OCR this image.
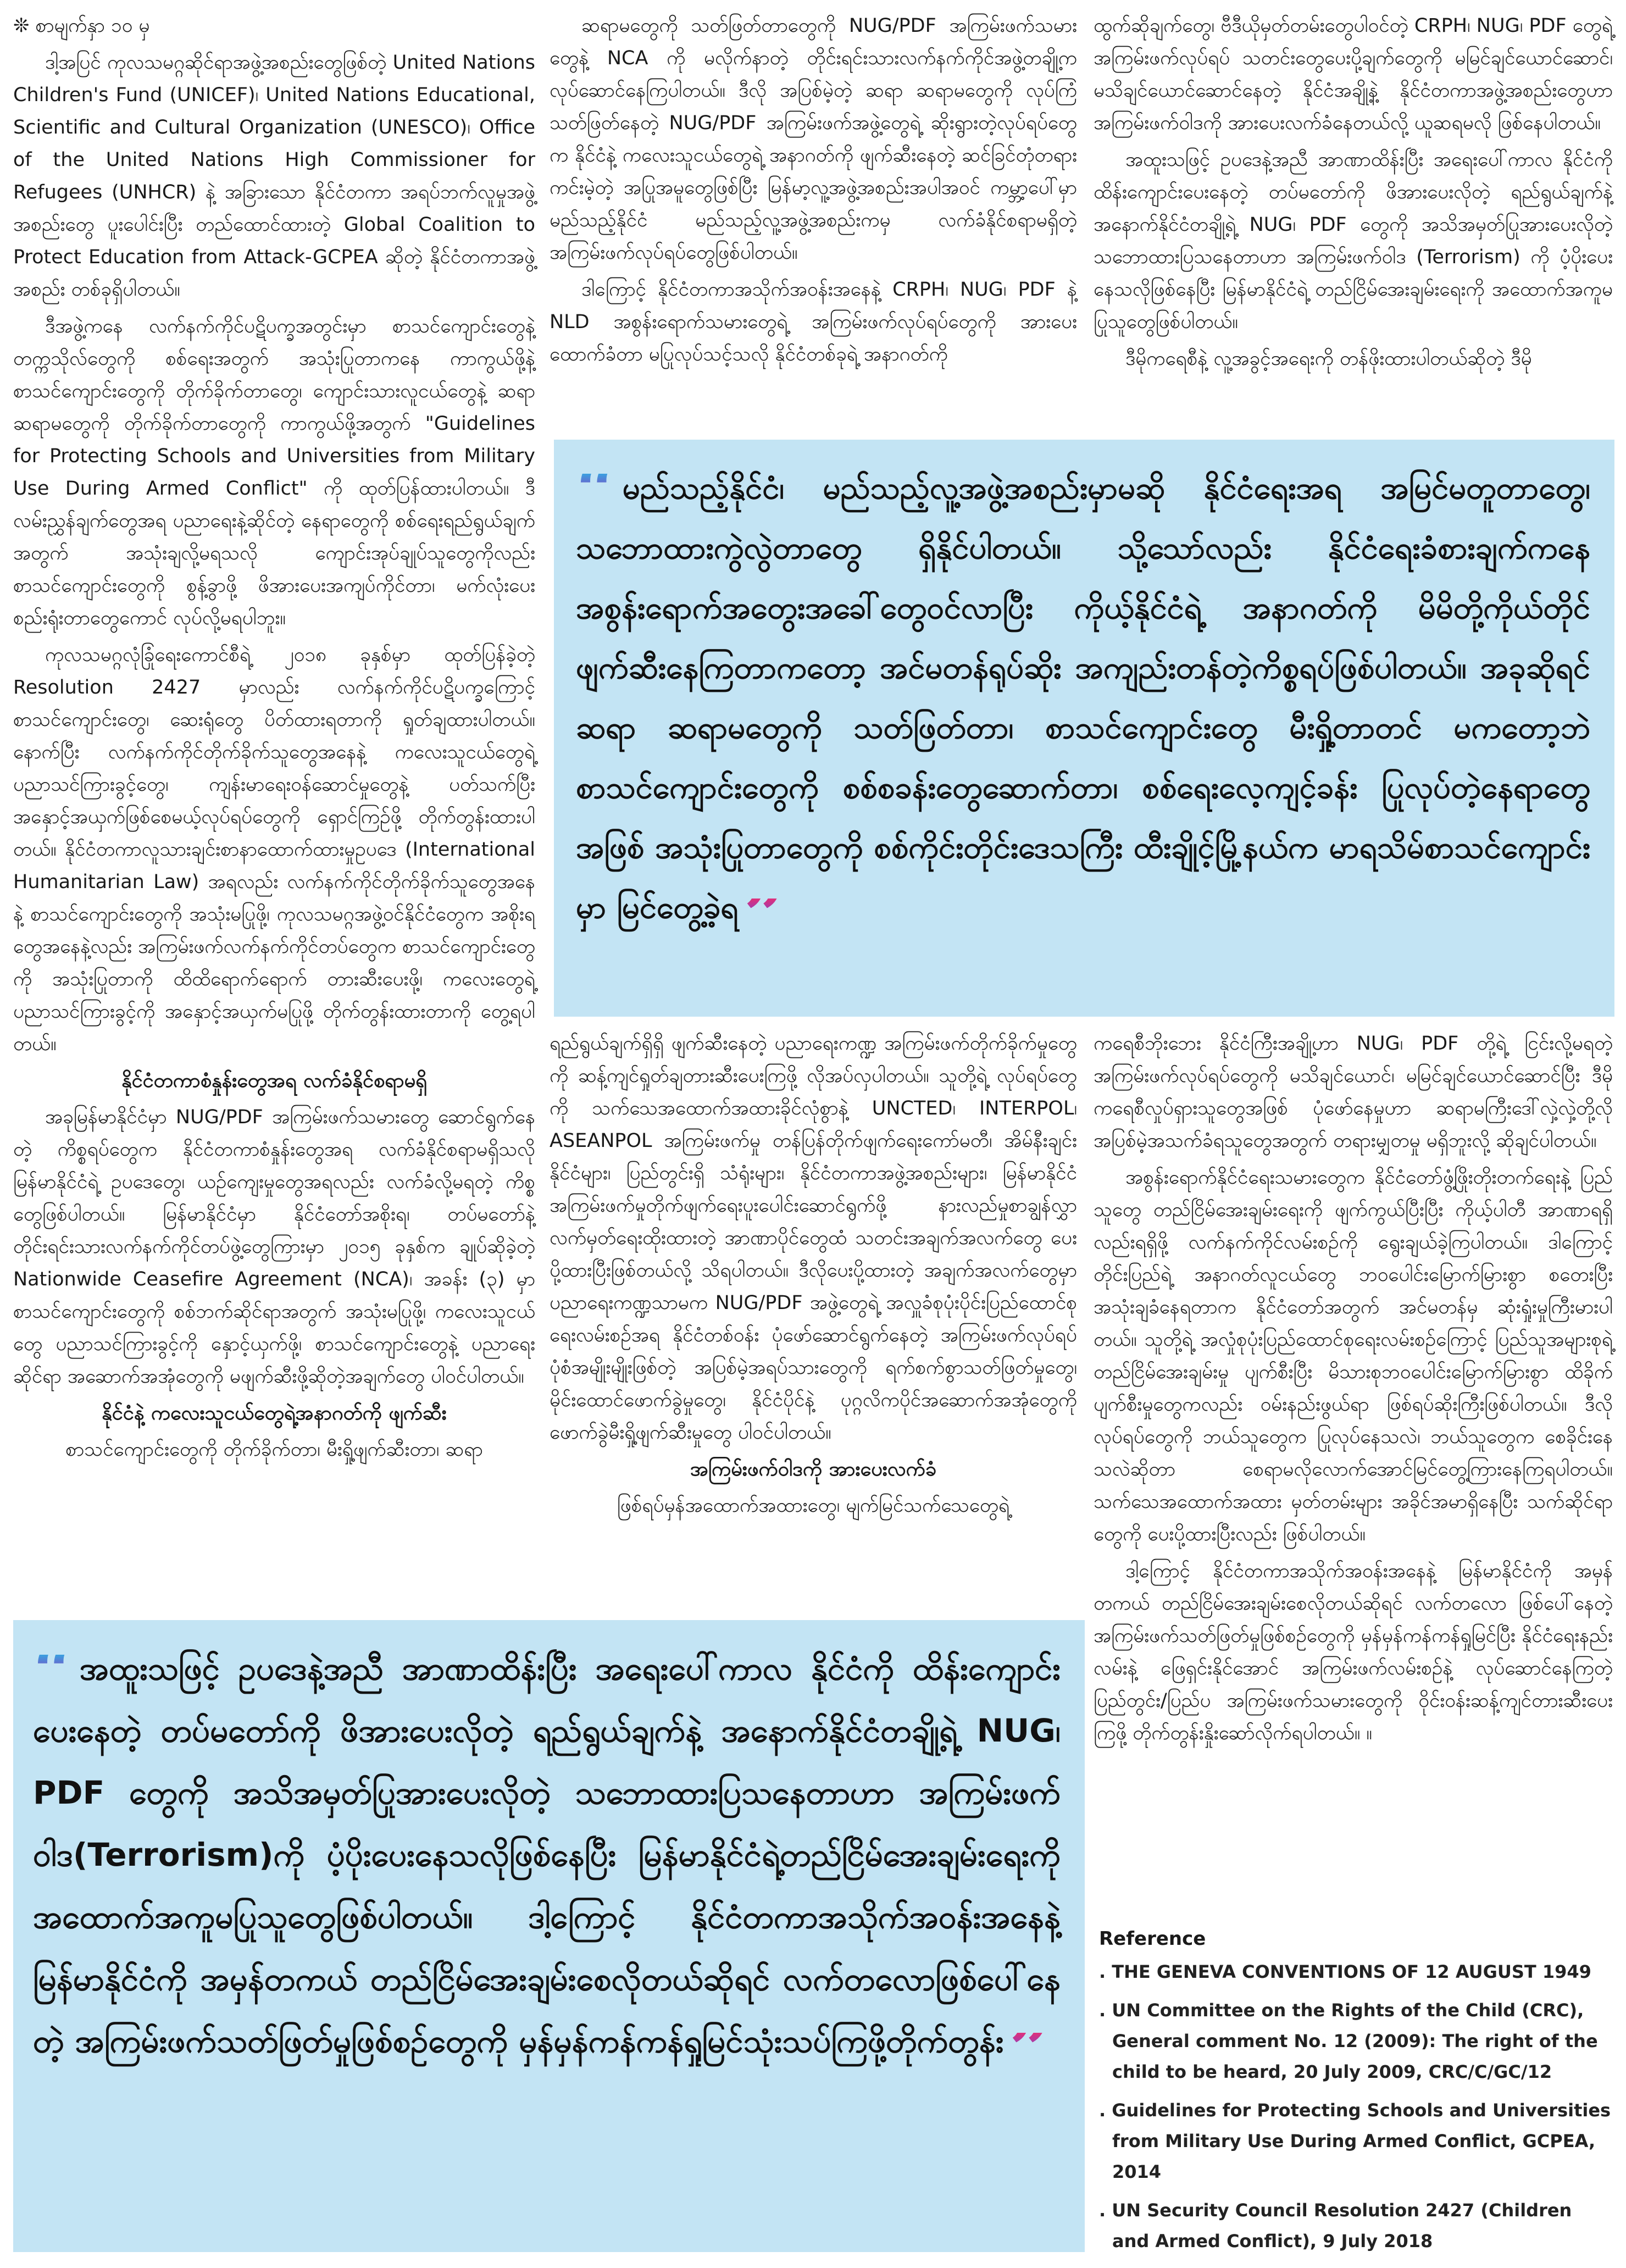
❊ စာမျက်နှာ ၁၀ မှ

ဒါ့အပြင် ကုလသမဂ္ဂဆိုင်ရာအဖွဲ့အစည်းတွေဖြစ်တဲ့ United Nations Children's Fund (UNICEF)၊ United Nations Educational, Scientific and Cultural Organization (UNESCO)၊ Office of the United Nations High Commissioner for Refugees (UNHCR) နဲ့ အခြားသော နိုင်ငံတကာ အရပ်ဘက်လူမှုအဖွဲ့အစည်းတွေ ပူးပေါင်းပြီး တည်ထောင်ထားတဲ့ Global Coalition to Protect Education from Attack-GCPEA ဆိုတဲ့ နိုင်ငံတကာအဖွဲ့အစည်း တစ်ခုရှိပါတယ်။

ဒီအဖွဲ့ကနေ လက်နက်ကိုင်ပဋိပက္ခအတွင်းမှာ စာသင်ကျောင်းတွေနဲ့ တက္ကသိုလ်တွေကို စစ်ရေးအတွက် အသုံးပြုတာကနေ ကာကွယ်ဖို့နဲ့ စာသင်ကျောင်းတွေကို တိုက်ခိုက်တာတွေ၊ ကျောင်းသားလူငယ်တွေနဲ့ ဆရာ ဆရာမတွေကို တိုက်ခိုက်တာတွေကို ကာကွယ်ဖို့အတွက် "Guidelines for Protecting Schools and Universities from Military Use During Armed Conflict" ကို ထုတ်ပြန်ထားပါတယ်။ ဒီလမ်းညွှန်ချက်တွေအရ ပညာရေးနဲ့ဆိုင်တဲ့ နေရာတွေကို စစ်ရေးရည်ရွယ်ချက်အတွက် အသုံးချလို့မရသလို ကျောင်းအုပ်ချုပ်သူတွေကိုလည်း စာသင်ကျောင်းတွေကို စွန့်ခွာဖို့ ဖိအားပေးအကျပ်ကိုင်တာ၊ မက်လုံးပေး စည်းရုံးတာတွေကောင် လုပ်လို့မရပါဘူး။

ကုလသမဂ္ဂလုံခြုံရေးကောင်စီရဲ့ ၂၀၁၈ ခုနှစ်မှာ ထုတ်ပြန်ခဲ့တဲ့ Resolution 2427 မှာလည်း လက်နက်ကိုင်ပဋိပက္ခကြောင့် စာသင်ကျောင်းတွေ၊ ဆေးရုံတွေ ပိတ်ထားရတာကို ရှုတ်ချထားပါတယ်။ နောက်ပြီး လက်နက်ကိုင်တိုက်ခိုက်သူတွေအနေနဲ့ ကလေးသူငယ်တွေရဲ့ ပညာသင်ကြားခွင့်တွေ၊ ကျန်းမာရေးဝန်ဆောင်မှုတွေနဲ့ ပတ်သက်ပြီး အနှောင့်အယှက်ဖြစ်စေမယ့်လုပ်ရပ်တွေကို ရှောင်ကြဉ်ဖို့ တိုက်တွန်းထားပါတယ်။ နိုင်ငံတကာလူသားချင်းစာနာထောက်ထားမှုဥပဒေ (International Humanitarian Law) အရလည်း လက်နက်ကိုင်တိုက်ခိုက်သူတွေအနေနဲ့ စာသင်ကျောင်းတွေကို အသုံးမပြုဖို့၊ ကုလသမဂ္ဂအဖွဲ့ဝင်နိုင်ငံတွေက အစိုးရတွေအနေနဲ့လည်း အကြမ်းဖက်လက်နက်ကိုင်တပ်တွေက စာသင်ကျောင်းတွေကို အသုံးပြုတာကို ထိထိရောက်ရောက် တားဆီးပေးဖို့၊ ကလေးတွေရဲ့ ပညာသင်ကြားခွင့်ကို အနှောင့်အယှက်မပြုဖို့ တိုက်တွန်းထားတာကို တွေ့ရပါတယ်။

နိုင်ငံတကာစံနှုန်းတွေအရ လက်ခံနိုင်စရာမရှိ

အခုမြန်မာနိုင်ငံမှာ NUG/PDF အကြမ်းဖက်သမားတွေ ဆောင်ရွက်နေတဲ့ ကိစ္စရပ်တွေက နိုင်ငံတကာစံနှုန်းတွေအရ လက်ခံနိုင်စရာမရှိသလို မြန်မာနိုင်ငံရဲ့ ဥပဒေတွေ၊ ယဉ်ကျေးမှုတွေအရလည်း လက်ခံလို့မရတဲ့ ကိစ္စတွေဖြစ်ပါတယ်။ မြန်မာနိုင်ငံမှာ နိုင်ငံတော်အစိုးရ၊ တပ်မတော်နဲ့ တိုင်းရင်းသားလက်နက်ကိုင်တပ်ဖွဲ့တွေကြားမှာ ၂၀၁၅ ခုနှစ်က ချုပ်ဆိုခဲ့တဲ့ Nationwide Ceasefire Agreement (NCA)၊ အခန်း (၃) မှာ စာသင်ကျောင်းတွေကို စစ်ဘက်ဆိုင်ရာအတွက် အသုံးမပြုဖို့၊ ကလေးသူငယ်တွေ ပညာသင်ကြားခွင့်ကို နှောင့်ယှက်ဖို့၊ စာသင်ကျောင်းတွေနဲ့ ပညာရေးဆိုင်ရာ အဆောက်အအုံတွေကို မဖျက်ဆီးဖို့ဆိုတဲ့အချက်တွေ ပါဝင်ပါတယ်။

နိုင်ငံနဲ့ ကလေးသူငယ်တွေရဲ့အနာဂတ်ကို ဖျက်ဆီး

စာသင်ကျောင်းတွေကို တိုက်ခိုက်တာ၊ မီးရှို့ဖျက်ဆီးတာ၊ ဆရာ

ဆရာမတွေကို သတ်ဖြတ်တာတွေကို NUG/PDF အကြမ်းဖက်သမားတွေနဲ့ NCA ကို မလိုက်နာတဲ့ တိုင်းရင်းသားလက်နက်ကိုင်အဖွဲ့တချို့က လုပ်ဆောင်နေကြပါတယ်။ ဒီလို အပြစ်မဲ့တဲ့ ဆရာ ဆရာမတွေကို လုပ်ကြံသတ်ဖြတ်နေတဲ့ NUG/PDF အကြမ်းဖက်အဖွဲ့တွေရဲ့ ဆိုးရွားတဲ့လုပ်ရပ်တွေက နိုင်ငံနဲ့ ကလေးသူငယ်တွေရဲ့ အနာဂတ်ကို ဖျက်ဆီးနေတဲ့ ဆင်ခြင်တုံတရားကင်းမဲ့တဲ့ အပြုအမူတွေဖြစ်ပြီး မြန်မာ့လူ့အဖွဲ့အစည်းအပါအဝင် ကမ္ဘာ့ပေါ်မှာ မည်သည့်နိုင်ငံ မည်သည့်လူ့အဖွဲ့အစည်းကမှ လက်ခံနိုင်စရာမရှိတဲ့ အကြမ်းဖက်လုပ်ရပ်တွေဖြစ်ပါတယ်။

ဒါကြောင့် နိုင်ငံတကာအသိုက်အဝန်းအနေနဲ့ CRPH၊ NUG၊ PDF နဲ့ NLD အစွန်းရောက်သမားတွေရဲ့ အကြမ်းဖက်လုပ်ရပ်တွေကို အားပေးထောက်ခံတာ မပြုလုပ်သင့်သလို နိုင်ငံတစ်ခုရဲ့ အနာဂတ်ကို

ထွက်ဆိုချက်တွေ၊ ဗီဒီယိုမှတ်တမ်းတွေပါဝင်တဲ့ CRPH၊ NUG၊ PDF တွေရဲ့ အကြမ်းဖက်လုပ်ရပ် သတင်းတွေပေးပို့ချက်တွေကို မမြင်ချင်ယောင်ဆောင်၊ မသိချင်ယောင်ဆောင်နေတဲ့ နိုင်ငံအချို့နဲ့ နိုင်ငံတကာအဖွဲ့အစည်းတွေဟာ အကြမ်းဖက်ဝါဒကို အားပေးလက်ခံနေတယ်လို့ ယူဆရမလို ဖြစ်နေပါတယ်။

အထူးသဖြင့် ဥပဒေနဲ့အညီ အာဏာထိန်းပြီး အရေးပေါ်ကာလ နိုင်ငံကို ထိန်းကျောင်းပေးနေတဲ့ တပ်မတော်ကို ဖိအားပေးလိုတဲ့ ရည်ရွယ်ချက်နဲ့ အနောက်နိုင်ငံတချို့ရဲ့ NUG၊ PDF တွေကို အသိအမှတ်ပြုအားပေးလိုတဲ့ သဘောထားပြသနေတာဟာ အကြမ်းဖက်ဝါဒ (Terrorism) ကို ပံ့ပိုးပေးနေသလိုဖြစ်နေပြီး မြန်မာနိုင်ငံရဲ့ တည်ငြိမ်အေးချမ်းရေးကို အထောက်အကူမပြုသူတွေဖြစ်ပါတယ်။

ဒီမိုကရေစီနဲ့ လူ့အခွင့်အရေးကို တန်ဖိုးထားပါတယ်ဆိုတဲ့ ဒီမို

“ မည်သည့်နိုင်ငံ၊ မည်သည့်လူ့အဖွဲ့အစည်းမှာမဆို နိုင်ငံရေးအရ အမြင်မတူတာတွေ၊ သဘောထားကွဲလွဲတာတွေ ရှိနိုင်ပါတယ်။ သို့သော်လည်း နိုင်ငံရေးခံစားချက်ကနေ အစွန်းရောက်အတွေးအခေါ်တွေဝင်လာပြီး ကိုယ့်နိုင်ငံရဲ့ အနာဂတ်ကို မိမိတို့ကိုယ်တိုင် ဖျက်ဆီးနေကြတာကတော့ အင်မတန်ရုပ်ဆိုး အကျည်းတန်တဲ့ကိစ္စရပ်ဖြစ်ပါတယ်။ အခုဆိုရင် ဆရာ ဆရာမတွေကို သတ်ဖြတ်တာ၊ စာသင်ကျောင်းတွေ မီးရှို့တာတင် မကတော့ဘဲ စာသင်ကျောင်းတွေကို စစ်စခန်းတွေဆောက်တာ၊ စစ်ရေးလေ့ကျင့်ခန်း ပြုလုပ်တဲ့နေရာတွေအဖြစ် အသုံးပြုတာတွေကို စစ်ကိုင်းတိုင်းဒေသကြီး ထီးချိုင့်မြို့နယ်က မာရသိမ်စာသင်ကျောင်းမှာ မြင်တွေ့ခဲ့ရ”

ရည်ရွယ်ချက်ရှိရှိ ဖျက်ဆီးနေတဲ့ ပညာရေးကဏ္ဍ အကြမ်းဖက်တိုက်ခိုက်မှုတွေကို ဆန့်ကျင်ရှုတ်ချတားဆီးပေးကြဖို့ လိုအပ်လှပါတယ်။ သူတို့ရဲ့ လုပ်ရပ်တွေကို သက်သေအထောက်အထားခိုင်လုံစွာနဲ့ UNCTED၊ INTERPOL၊ ASEANPOL အကြမ်းဖက်မှု တန်ပြန်တိုက်ဖျက်ရေးကော်မတီ၊ အိမ်နီးချင်းနိုင်ငံများ၊ ပြည်တွင်းရှိ သံရုံးများ၊ နိုင်ငံတကာအဖွဲ့အစည်းများ၊ မြန်မာနိုင်ငံ အကြမ်းဖက်မှုတိုက်ဖျက်ရေးပူးပေါင်းဆောင်ရွက်ဖို့ နားလည်မှုစာချွန်လွှာ လက်မှတ်ရေးထိုးထားတဲ့ အာဏာပိုင်တွေထံ သတင်းအချက်အလက်တွေ ပေးပို့ထားပြီးဖြစ်တယ်လို့ သိရပါတယ်။ ဒီလိုပေးပို့ထားတဲ့ အချက်အလက်တွေမှာ ပညာရေးကဏ္ဍသာမက NUG/PDF အဖွဲ့တွေရဲ့ အလှူခံစုပုံးပိုင်းပြည်ထောင်စုရေးလမ်းစဉ်အရ နိုင်ငံတစ်ဝန်း ပုံဖော်ဆောင်ရွက်နေတဲ့ အကြမ်းဖက်လုပ်ရပ်ပုံစံအမျိုးမျိုးဖြစ်တဲ့ အပြစ်မဲ့အရပ်သားတွေကို ရက်စက်စွာသတ်ဖြတ်မှုတွေ၊ မိုင်းထောင်ဖောက်ခွဲမှုတွေ၊ နိုင်ငံပိုင်နဲ့ ပုဂ္ဂလိကပိုင်အဆောက်အအုံတွေကို ဖောက်ခွဲမီးရှို့ဖျက်ဆီးမှုတွေ ပါဝင်ပါတယ်။

အကြမ်းဖက်ဝါဒကို အားပေးလက်ခံ

ဖြစ်ရပ်မှန်အထောက်အထားတွေ၊ မျက်မြင်သက်သေတွေရဲ့

ကရေစီဘိုးဘေး နိုင်ငံကြီးအချို့ဟာ NUG၊ PDF တို့ရဲ့ ငြင်းလို့မရတဲ့ အကြမ်းဖက်လုပ်ရပ်တွေကို မသိချင်ယောင်၊ မမြင်ချင်ယောင်ဆောင်ပြီး ဒီမိုကရေစီလှုပ်ရှားသူတွေအဖြစ် ပုံဖော်နေမှုဟာ ဆရာမကြီးဒေါ်လှဲ့လှဲ့တို့လို အပြစ်မဲ့အသက်ခံရသူတွေအတွက် တရားမျှတမှု မရှိဘူးလို့ ဆိုချင်ပါတယ်။

အစွန်းရောက်နိုင်ငံရေးသမားတွေက နိုင်ငံတော်ဖွံ့ဖြိုးတိုးတက်ရေးနဲ့ ပြည်သူတွေ တည်ငြိမ်အေးချမ်းရေးကို ဖျက်ကွယ်ပြီးပြီး ကိုယ့်ပါတီ အာဏာရရှိလည်းရရှိဖို့ လက်နက်ကိုင်လမ်းစဉ်ကို ရွေးချယ်ခဲ့ကြပါတယ်။ ဒါကြောင့် တိုင်းပြည်ရဲ့ အနာဂတ်လူငယ်တွေ ဘဝပေါင်းမြောက်မြားစွာ စတေးပြီး အသုံးချခံနေရတာက နိုင်ငံတော်အတွက် အင်မတန်မှ ဆုံးရှုံးမှုကြီးမားပါတယ်။ သူတို့ရဲ့ အလှုံစုပုံးပြည်ထောင်စုရေးလမ်းစဉ်ကြောင့် ပြည်သူအများစုရဲ့ တည်ငြိမ်အေးချမ်းမှု ပျက်စီးပြီး မိသားစုဘဝပေါင်းမြောက်မြားစွာ ထိခိုက်ပျက်စီးမှုတွေကလည်း ဝမ်းနည်းဖွယ်ရာ ဖြစ်ရပ်ဆိုးကြီးဖြစ်ပါတယ်။ ဒီလိုလုပ်ရပ်တွေကို ဘယ်သူတွေက ပြုလုပ်နေသလဲ၊ ဘယ်သူတွေက စေခိုင်းနေသလဲဆိုတာ စေရာမလိုလောက်အောင်မြင်တွေ့ကြားနေကြရပါတယ်။ သက်သေအထောက်အထား မှတ်တမ်းများ အခိုင်အမာရှိနေပြီး သက်ဆိုင်ရာတွေကို ပေးပို့ထားပြီးလည်း ဖြစ်ပါတယ်။

ဒါ့ကြောင့် နိုင်ငံတကာအသိုက်အဝန်းအနေနဲ့ မြန်မာနိုင်ငံကို အမှန်တကယ် တည်ငြိမ်အေးချမ်းစေလိုတယ်ဆိုရင် လက်တလော ဖြစ်ပေါ်နေတဲ့ အကြမ်းဖက်သတ်ဖြတ်မှုဖြစ်စဉ်တွေကို မှန်မှန်ကန်ကန်ရှုမြင်ပြီး နိုင်ငံရေးနည်းလမ်းနဲ့ ဖြေရှင်းနိုင်အောင် အကြမ်းဖက်လမ်းစဉ်နဲ့ လုပ်ဆောင်နေကြတဲ့ ပြည်တွင်း/ပြည်ပ အကြမ်းဖက်သမားတွေကို ဝိုင်းဝန်းဆန့်ကျင်တားဆီးပေးကြဖို့ တိုက်တွန်းနှိုးဆော်လိုက်ရပါတယ်။ ။

“ အထူးသဖြင့် ဥပဒေနဲ့အညီ အာဏာထိန်းပြီး အရေးပေါ်ကာလ နိုင်ငံကို ထိန်းကျောင်းပေးနေတဲ့ တပ်မတော်ကို ဖိအားပေးလိုတဲ့ ရည်ရွယ်ချက်နဲ့ အနောက်နိုင်ငံတချို့ရဲ့ NUG၊ PDF တွေကို အသိအမှတ်ပြုအားပေးလိုတဲ့ သဘောထားပြသနေတာဟာ အကြမ်းဖက်ဝါဒ(Terrorism)ကို ပံ့ပိုးပေးနေသလိုဖြစ်နေပြီး မြန်မာနိုင်ငံရဲ့တည်ငြိမ်အေးချမ်းရေးကို အထောက်အကူမပြုသူတွေဖြစ်ပါတယ်။ ဒါ့ကြောင့် နိုင်ငံတကာအသိုက်အဝန်းအနေနဲ့ မြန်မာနိုင်ငံကို အမှန်တကယ် တည်ငြိမ်အေးချမ်းစေလိုတယ်ဆိုရင် လက်တလောဖြစ်ပေါ်နေတဲ့ အကြမ်းဖက်သတ်ဖြတ်မှုဖြစ်စဉ်တွေကို မှန်မှန်ကန်ကန်ရှုမြင်သုံးသပ်ကြဖို့တိုက်တွန်း”
Reference
. THE GENEVA CONVENTIONS OF 12 AUGUST 1949
. UN Committee on the Rights of the Child (CRC), General comment No. 12 (2009): The right of the child to be heard, 20 July 2009, CRC/C/GC/12
. Guidelines for Protecting Schools and Universities from Military Use During Armed Conflict, GCPEA, 2014
. UN Security Council Resolution 2427 (Children and Armed Conflict), 9 July 2018
